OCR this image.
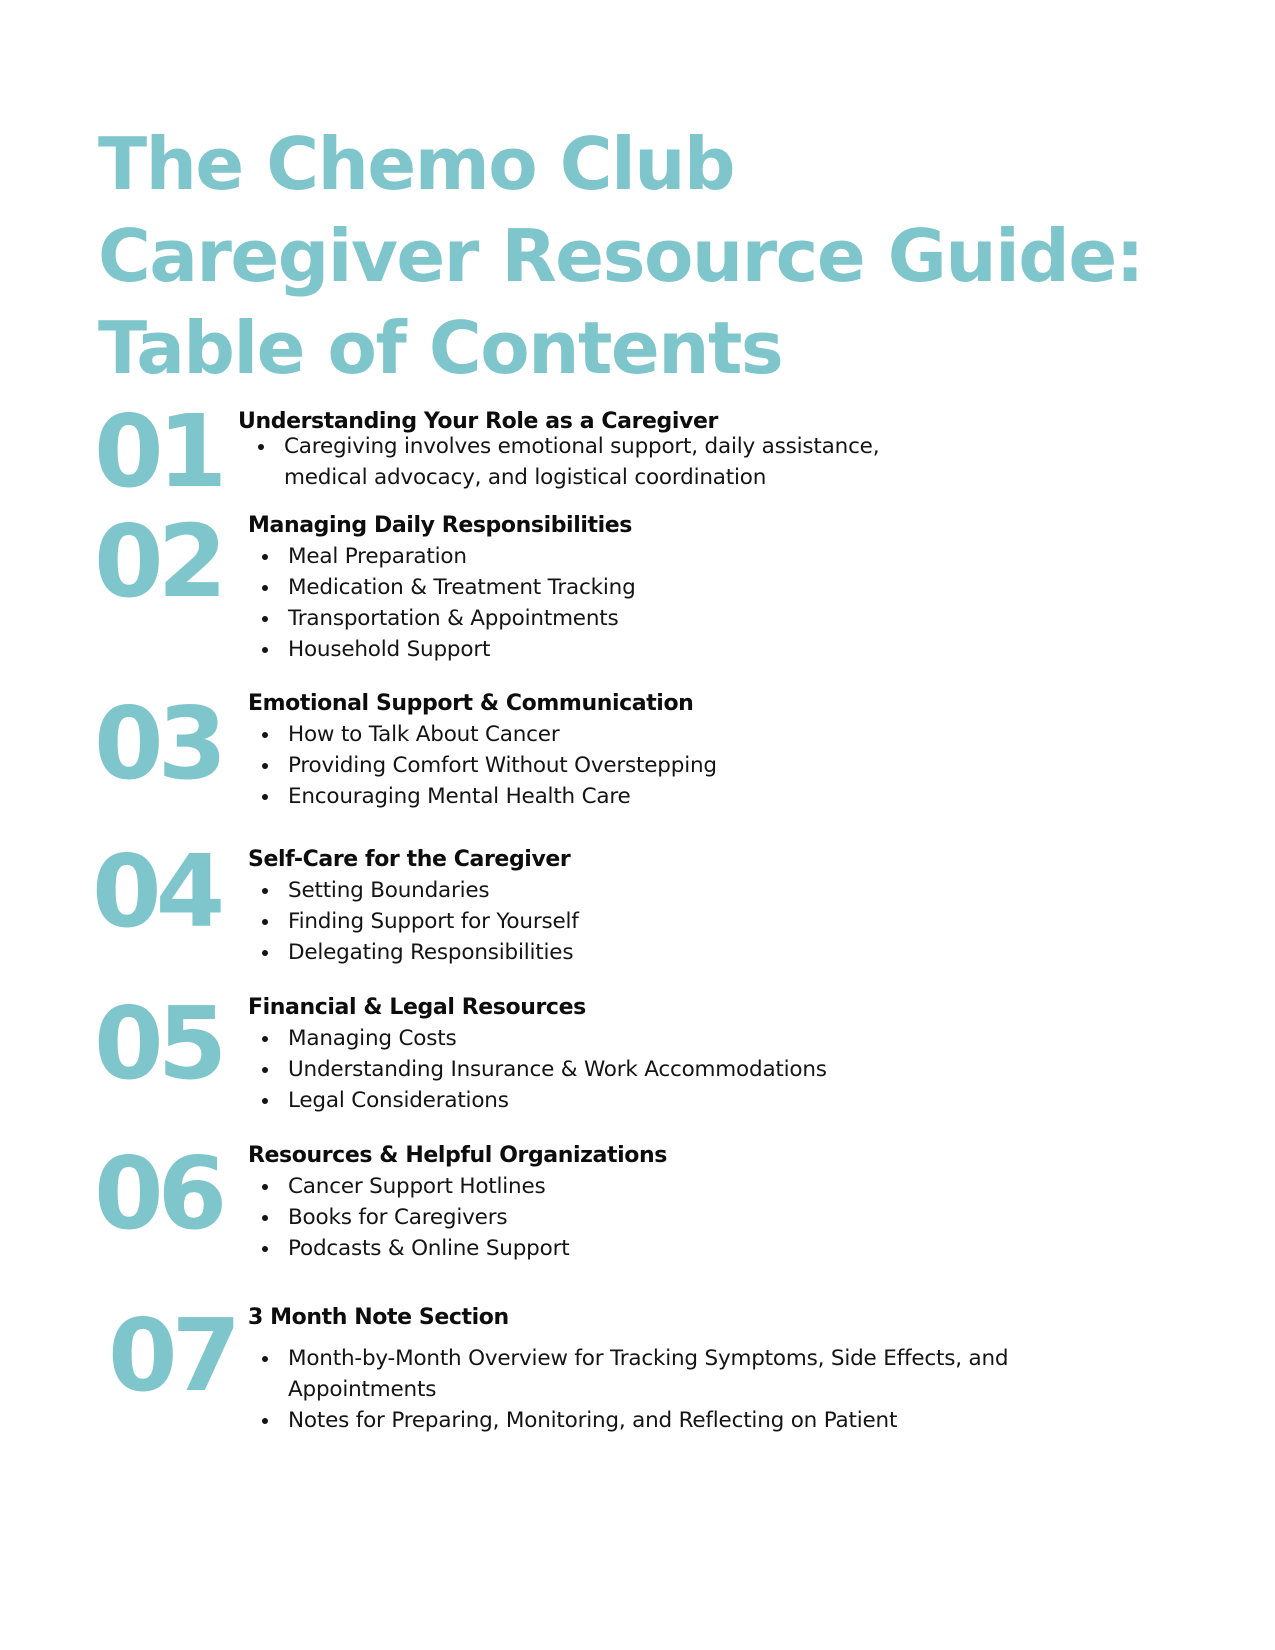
The Chemo Club
Caregiver Resource Guide:
Table of Contents
01 Understanding Your Role as a Caregiver
Caregiving involves emotional support, daily assistance, medical advocacy, and logistical coordination
02 Managing Daily Responsibilities
Meal Preparation
Medication & Treatment Tracking
Transportation & Appointments
Household Support
03 Emotional Support & Communication
How to Talk About Cancer
Providing Comfort Without Overstepping
Encouraging Mental Health Care
04 Self-Care for the Caregiver
Setting Boundaries
Finding Support for Yourself
Delegating Responsibilities
05 Financial & Legal Resources
Managing Costs
Understanding Insurance & Work Accommodations
Legal Considerations
06 Resources & Helpful Organizations
Cancer Support Hotlines
Books for Caregivers
Podcasts & Online Support
07 3 Month Note Section
Month-by-Month Overview for Tracking Symptoms, Side Effects, and Appointments
Notes for Preparing, Monitoring, and Reflecting on Patient
